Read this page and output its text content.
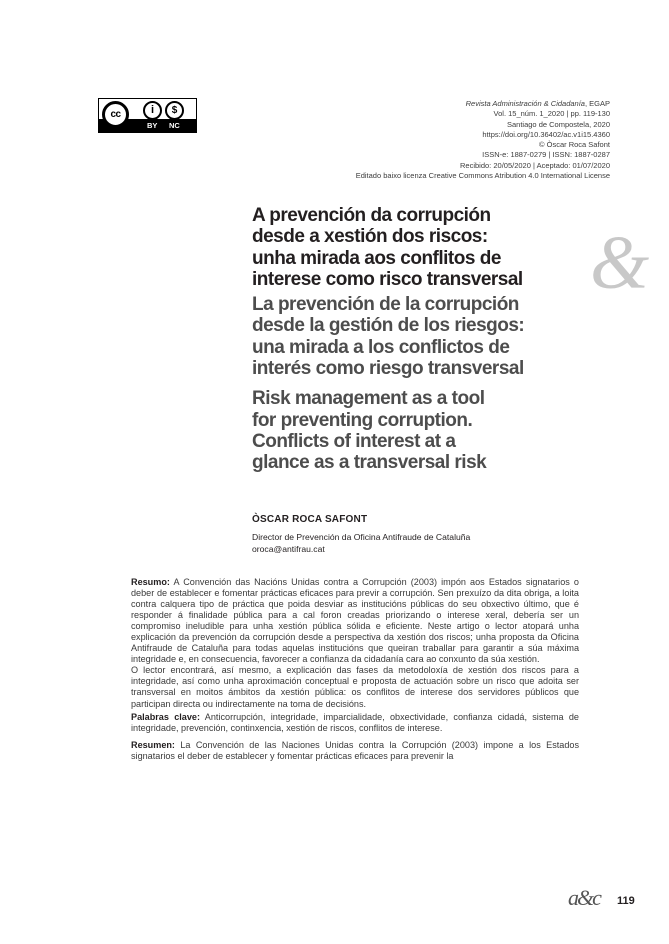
cc	i	$
BY NC
Revista Administración & Cidadanía, EGAP
Vol. 15_núm. 1_2020 | pp. 119-130
Santiago de Compostela, 2020
https://doi.org/10.36402/ac.v1i15.4360
© Òscar Roca Safont
ISSN-e: 1887-0279 | ISSN: 1887-0287
Recibido: 20/05/2020 | Aceptado: 01/07/2020
Editado baixo licenza Creative Commons Atribution 4.0 International License
A prevención da corrupción
desde a xestión dos riscos:
unha mirada aos conflitos de
interese como risco transversal
La prevención de la corrupción
desde la gestión de los riesgos:
una mirada a los conflictos de
interés como riesgo transversal
Risk management as a tool
for preventing corruption.
Conflicts of interest at a
glance as a transversal risk
&
ÒSCAR ROCA SAFONT
Director de Prevención da Oficina Antifraude de Cataluña
oroca@antifrau.cat

Resumo: A Convención das Nacións Unidas contra a Corrupción (2003) impón aos Estados signatarios o deber de establecer e fomentar prácticas eficaces para previr a corrupción. Sen prexuízo da dita obriga, a loita contra calquera tipo de práctica que poida desviar as institucións públicas do seu obxectivo último, que é responder á finalidade pública para a cal foron creadas priorizando o interese xeral, debería ser un compromiso ineludible para unha xestión pública sólida e eficiente. Neste artigo o lector atopará unha explicación da prevención da corrupción desde a perspectiva da xestión dos riscos; unha proposta da Oficina Antifraude de Cataluña para todas aquelas institucións que queiran traballar para garantir a súa máxima integridade e, en consecuencia, favorecer a confianza da cidadanía cara ao conxunto da súa xestión.

O lector encontrará, así mesmo, a explicación das fases da metodoloxía de xestión dos riscos para a integridade, así como unha aproximación conceptual e proposta de actuación sobre un risco que adoita ser transversal en moitos ámbitos da xestión pública: os conflitos de interese dos servidores públicos que participan directa ou indirectamente na toma de decisións.

Palabras clave: Anticorrupción, integridade, imparcialidade, obxectividade, confianza cidadá, sistema de integridade, prevención, continxencia, xestión de riscos, conflitos de interese.

Resumen: La Convención de las Naciones Unidas contra la Corrupción (2003) impone a los Estados signatarios el deber de establecer y fomentar prácticas eficaces para prevenir la

a&c 119
